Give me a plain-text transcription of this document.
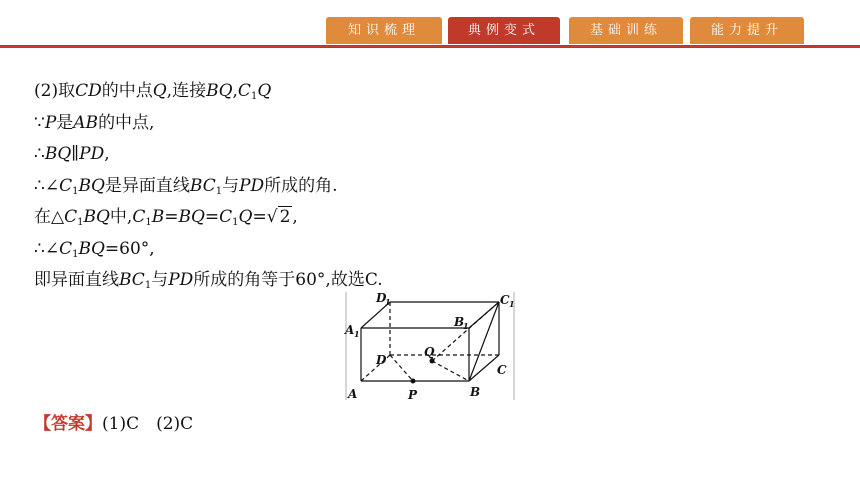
知识梳理	典例变式	基础训练	能力提升
(2)取CD的中点Q,连接$BQ,C_1Q$
∵P是AB的中点,
∴BQ∥PD,
$\therefore\angle C_1BQ$是异面直线$BC_1$与PD所成的角.
在$\triangle C_1BQ$中$,C_1B=BQ=C_1Q=√$ 2 ,
$\therefore\angle C_1BQ=60^\circ$,
即异面直线$BC_1$与PD所成的角等于60°,故选C.
A	P	B
C
D
Q
A 1
B
1
C 1
D
1
【答案】(1)C　(2)C
